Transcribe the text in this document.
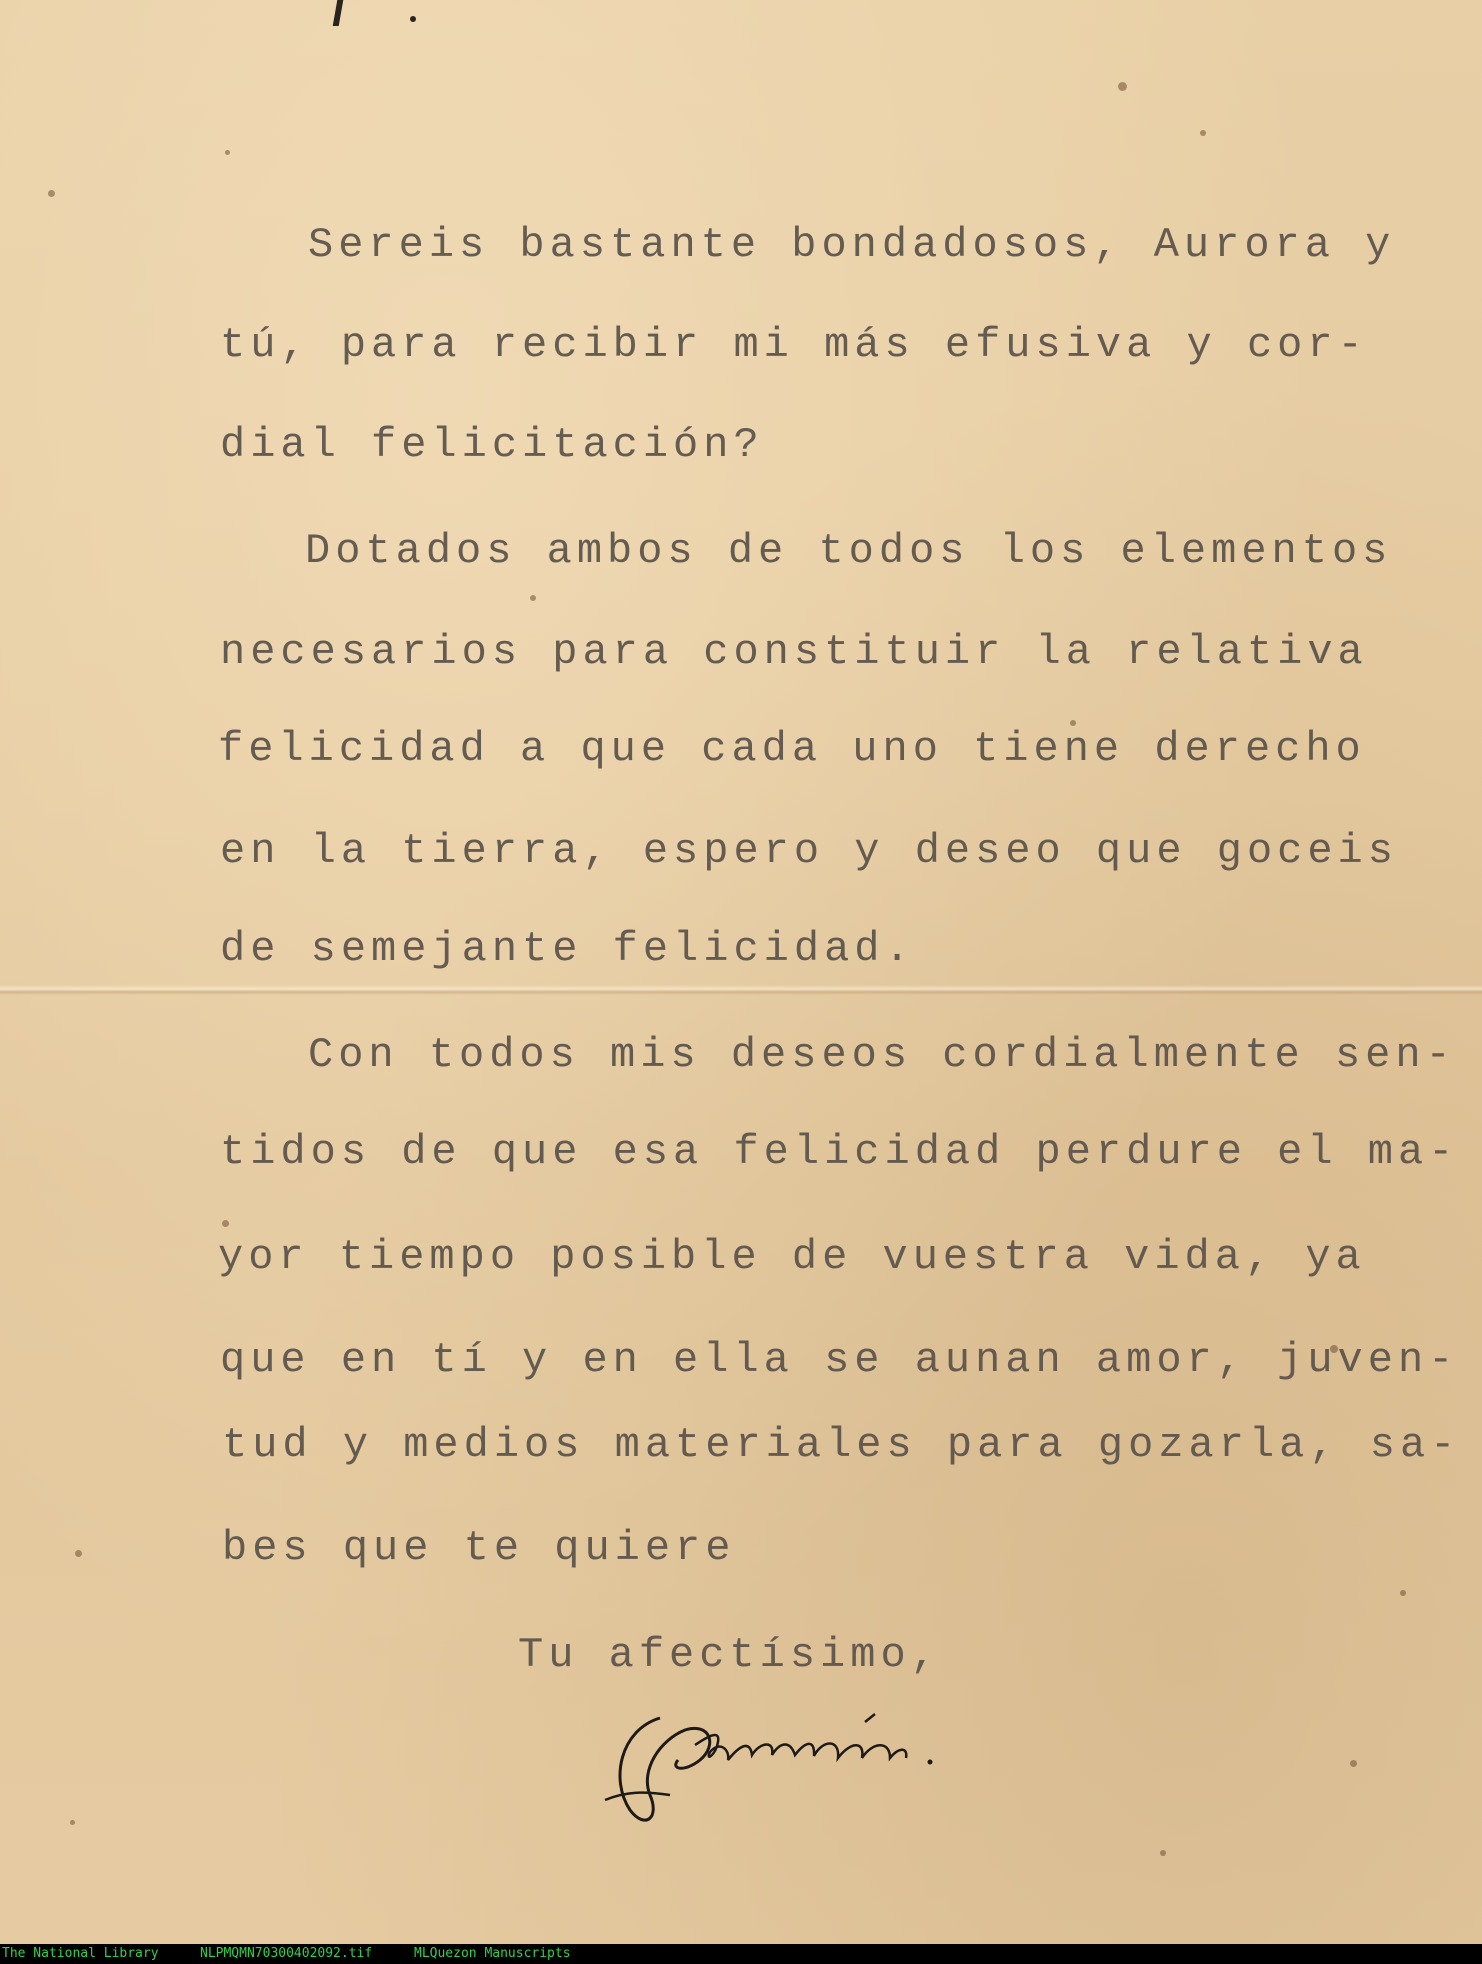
Sereis bastante bondadosos, Aurora y
tú, para recibir mi más efusiva y cor-
dial felicitación?
Dotados ambos de todos los elementos
necesarios para constituir la relativa
felicidad a que cada uno tiene derecho
en la tierra, espero y deseo que goceis
de semejante felicidad.
Con todos mis deseos cordialmente sen-
tidos de que esa felicidad perdure el ma-
yor tiempo posible de vuestra vida, ya
que en tí y en ella se aunan amor, juven-
tud y medios materiales para gozarla, sa-
bes que te quiere
Tu afectísimo,
The National Library	NLPMQMN70300402092.tif	MLQuezon Manuscripts
